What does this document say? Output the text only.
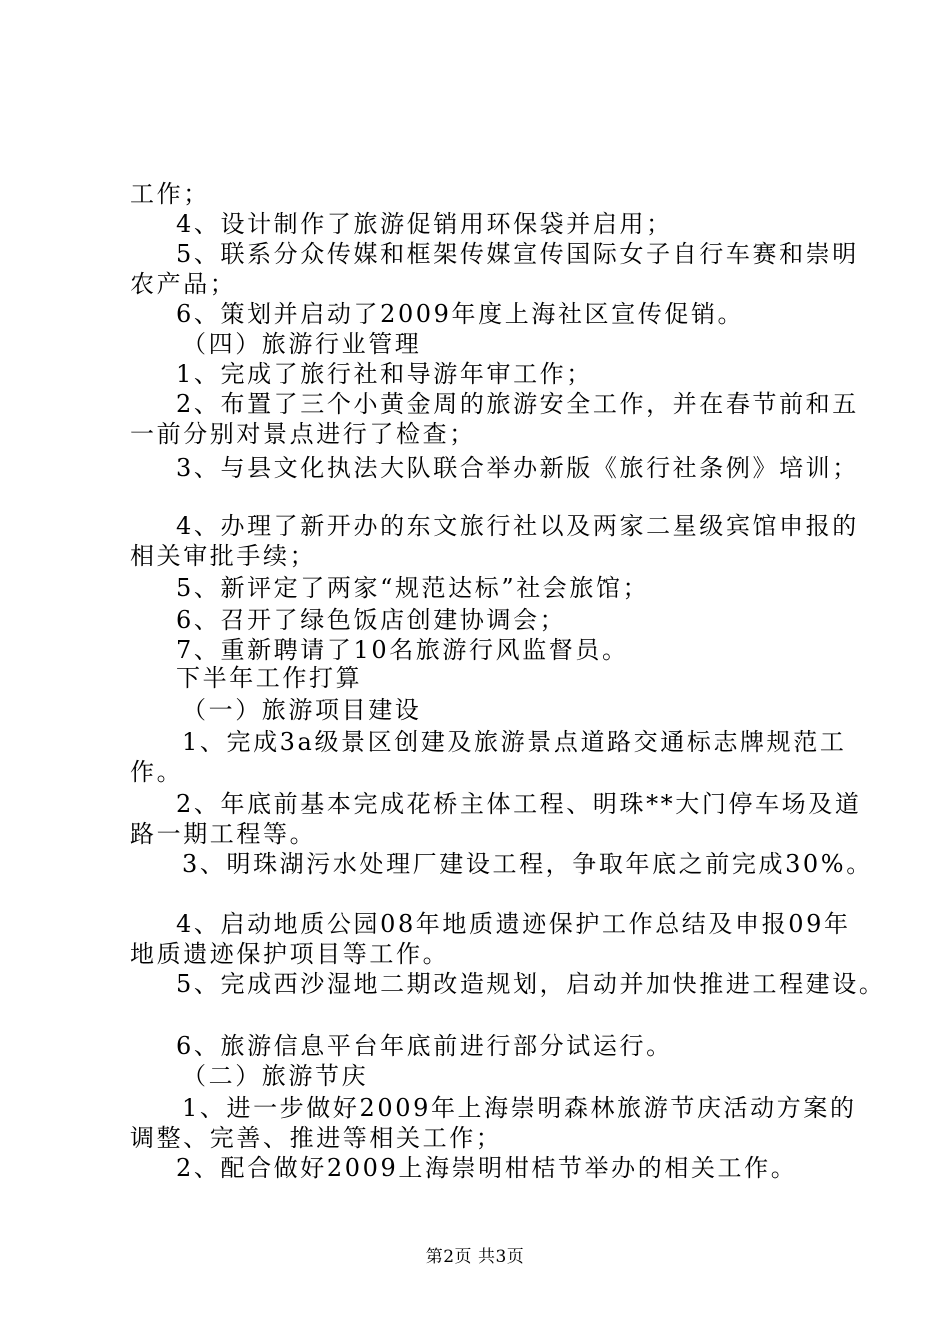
工作；
4、设计制作了旅游促销用环保袋并启用；
5、联系分众传媒和框架传媒宣传国际女子自行车赛和崇明
农产品；
6、策划并启动了2009年度上海社区宣传促销。
（四）旅游行业管理
1、完成了旅行社和导游年审工作；
2、布置了三个小黄金周的旅游安全工作，并在春节前和五
一前分别对景点进行了检查；
3、与县文化执法大队联合举办新版《旅行社条例》培训；
4、办理了新开办的东文旅行社以及两家二星级宾馆申报的
相关审批手续；
5、新评定了两家“规范达标”社会旅馆；
6、召开了绿色饭店创建协调会；
7、重新聘请了10名旅游行风监督员。
下半年工作打算
（一）旅游项目建设
1、完成3a级景区创建及旅游景点道路交通标志牌规范工
作。
2、年底前基本完成花桥主体工程、明珠**大门停车场及道
路一期工程等。
3、明珠湖污水处理厂建设工程，争取年底之前完成30%。
4、启动地质公园08年地质遗迹保护工作总结及申报09年
地质遗迹保护项目等工作。
5、完成西沙湿地二期改造规划，启动并加快推进工程建设。
6、旅游信息平台年底前进行部分试运行。
（二）旅游节庆
1、进一步做好2009年上海崇明森林旅游节庆活动方案的
调整、完善、推进等相关工作；
2、配合做好2009上海崇明柑桔节举办的相关工作。
第2页 共3页
